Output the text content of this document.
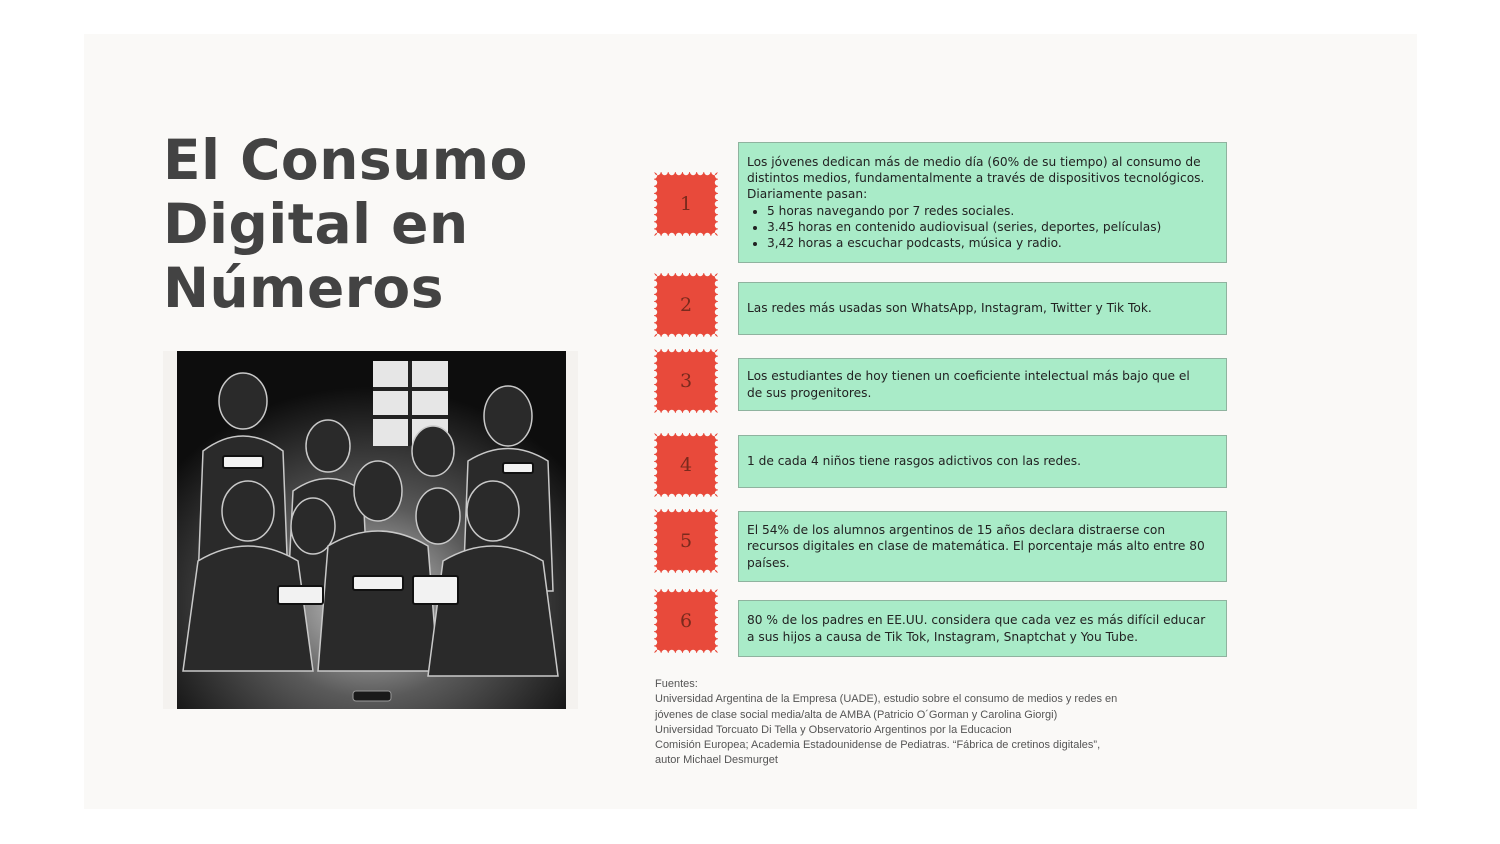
El Consumo
Digital en
Números
1
2
3
4
5
6

Los jóvenes dedican más de medio día (60% de su tiempo) al consumo de

distintos medios, fundamentalmente a través de dispositivos tecnológicos.

Diariamente pasan:

• 5 horas navegando por 7 redes sociales.
• 3.45 horas en contenido audiovisual (series, deportes, películas)
• 3,42 horas a escuchar podcasts, música y radio.

Las redes más usadas son WhatsApp, Instagram, Twitter y Tik Tok.

Los estudiantes de hoy tienen un coeficiente intelectual más bajo que el

de sus progenitores.

1 de cada 4 niños tiene rasgos adictivos con las redes.

El 54% de los alumnos argentinos de 15 años declara distraerse con

recursos digitales en clase de matemática. El porcentaje más alto entre 80

países.

80 % de los padres en EE.UU. considera que cada vez es más difícil educar

a sus hijos a causa de Tik Tok, Instagram, Snaptchat y You Tube.

Fuentes:
Universidad Argentina de la Empresa (UADE), estudio sobre el consumo de medios y redes en
jóvenes de clase social media/alta de AMBA (Patricio O´Gorman y Carolina Giorgi)
Universidad Torcuato Di Tella y Observatorio Argentinos por la Educacion
Comisión Europea; Academia Estadounidense de Pediatras. “Fábrica de cretinos digitales”,
autor Michael Desmurget
